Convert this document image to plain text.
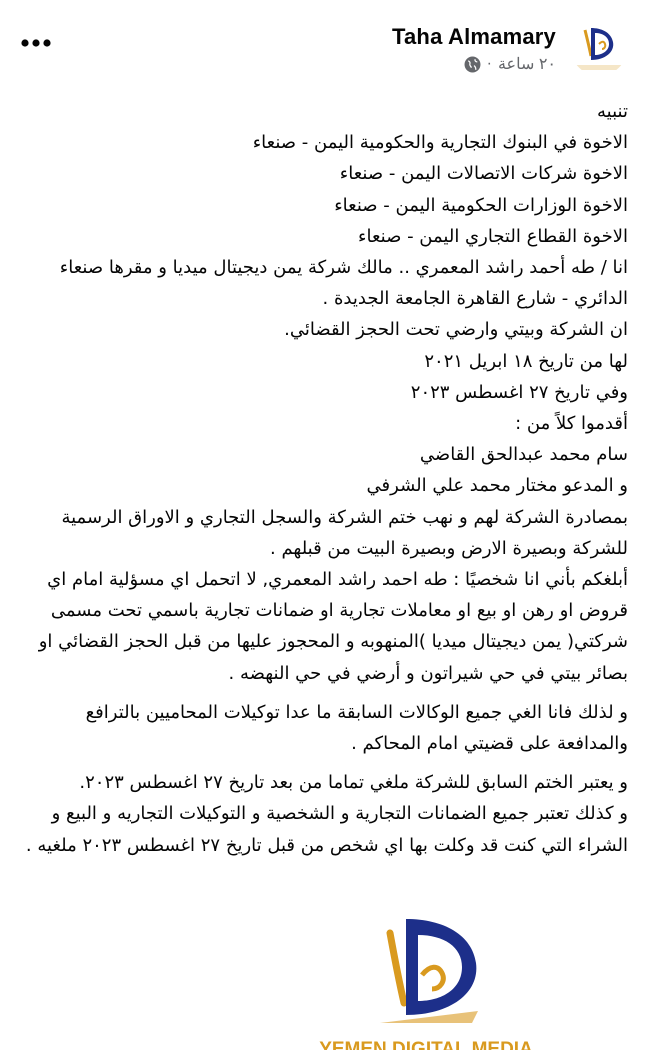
Taha Almamary
٢٠ ساعة
·

تنبيه
الاخوة في البنوك التجارية والحكومية اليمن - صنعاء
الاخوة شركات الاتصالات اليمن - صنعاء
الاخوة الوزارات الحكومية اليمن - صنعاء
الاخوة القطاع التجاري اليمن - صنعاء
انا / طه أحمد راشد المعمري .. مالك شركة يمن ديجيتال ميديا و مقرها صنعاء الدائري - شارع القاهرة الجامعة الجديدة .
ان الشركة وبيتي وارضي تحت الحجز القضائي.
لها من تاريخ ١٨ ابريل ٢٠٢١
وفي تاريخ ٢٧ اغسطس ٢٠٢٣
أقدموا كلاً من :
سام محمد عبدالحق القاضي
و المدعو مختار محمد علي الشرفي
بمصادرة الشركة لهم و نهب ختم الشركة والسجل التجاري و الاوراق الرسمية للشركة وبصيرة الارض وبصيرة البيت من قبلهم .
أبلغكم بأني انا شخصيًا : طه احمد راشد المعمري, لا اتحمل اي مسؤلية امام اي قروض او رهن او بيع او معاملات تجارية او ضمانات تجارية باسمي تحت مسمى شركتي( يمن ديجيتال ميديا )المنهوبه و المحجوز عليها من قبل الحجز القضائي او بصائر بيتي في حي شيراتون و أرضي في حي النهضه .

و لذلك فانا الغي جميع الوكالات السابقة ما عدا توكيلات المحاميين بالترافع والمدافعة على قضيتي امام المحاكم .

و يعتبر الختم السابق للشركة ملغي تماما من بعد تاريخ ٢٧ اغسطس ٢٠٢٣.
و كذلك تعتبر جميع الضمانات التجارية و الشخصية و التوكيلات التجاريه و البيع و الشراء التي كنت قد وكلت بها اي شخص من قبل تاريخ ٢٧ اغسطس ٢٠٢٣ ملغيه .

YEMEN DIGITAL MEDIA
